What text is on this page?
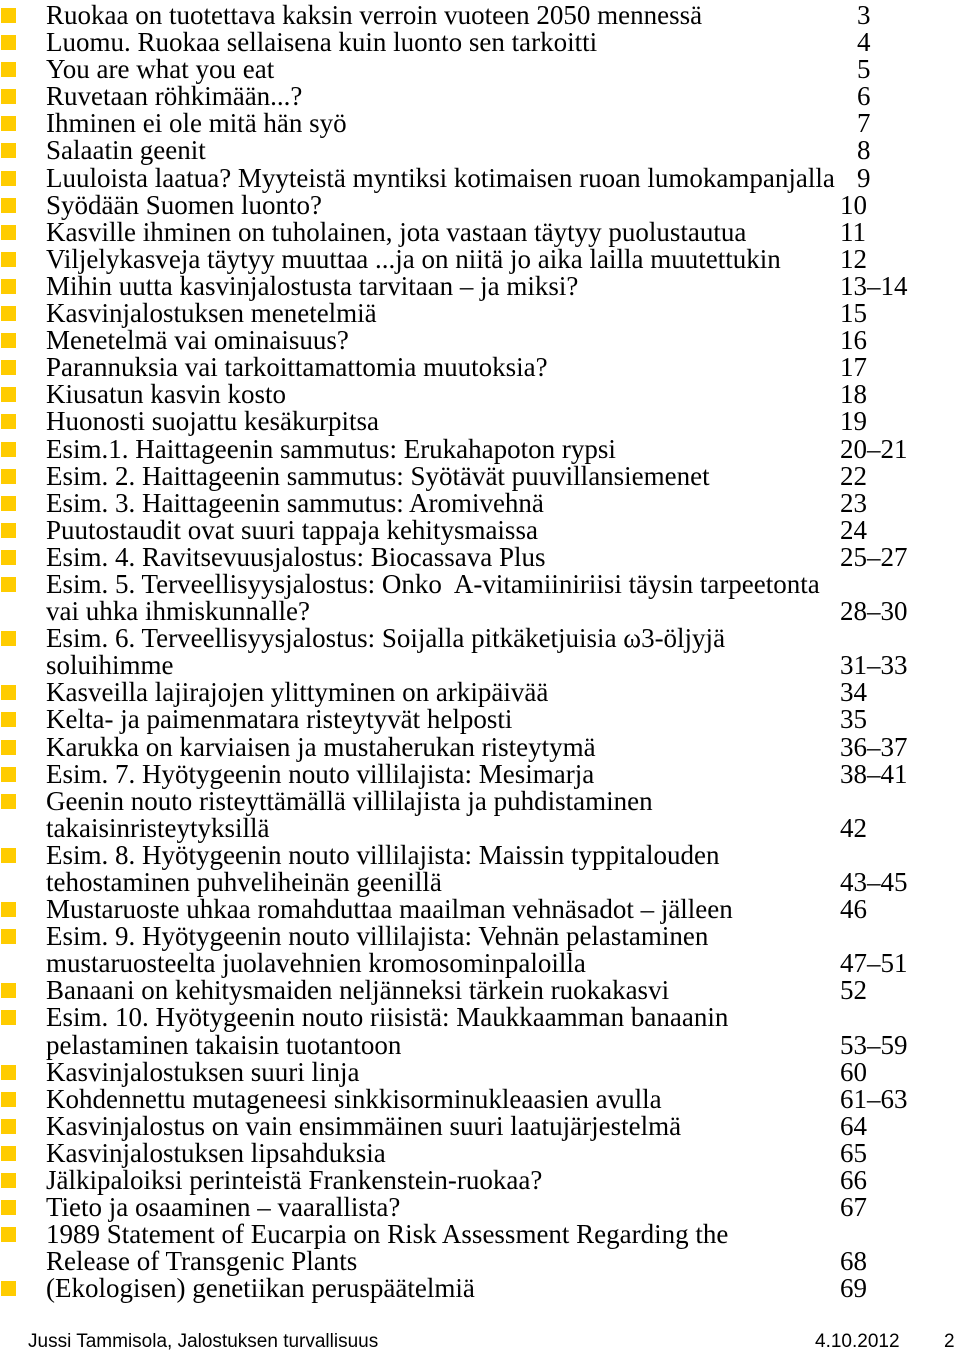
Ruokaa on tuotettava kaksin verroin vuoteen 2050 mennessä	3
Luomu. Ruokaa sellaisena kuin luonto sen tarkoitti	4
You are what you eat	5
Ruvetaan röhkimään...?	6
Ihminen ei ole mitä hän syö	7
Salaatin geenit	8
Luuloista laatua? Myyteistä myntiksi kotimaisen ruoan lumokampanjalla 9
Syödään Suomen luonto?	10
Kasville ihminen on tuholainen, jota vastaan täytyy puolustautua	11
Viljelykasveja täytyy muuttaa ...ja on niitä jo aika lailla muutettukin	12
Mihin uutta kasvinjalostusta tarvitaan – ja miksi?	13–14
Kasvinjalostuksen menetelmiä	15
Menetelmä vai ominaisuus?	16
Parannuksia vai tarkoittamattomia muutoksia?	17
Kiusatun kasvin kosto	18
Huonosti suojattu kesäkurpitsa	19
Esim.1. Haittageenin sammutus: Erukahapoton rypsi	20–21
Esim. 2. Haittageenin sammutus: Syötävät puuvillansiemenet	22
Esim. 3. Haittageenin sammutus: Aromivehnä	23
Puutostaudit ovat suuri tappaja kehitysmaissa	24
Esim. 4. Ravitsevuusjalostus: Biocassava Plus	25–27
Esim. 5. Terveellisyysjalostus: Onko  A-vitamiiniriisi täysin tarpeetonta
vai uhka ihmiskunnalle?	28–30
Esim. 6. Terveellisyysjalostus: Soijalla pitkäketjuisia ω3-öljyjä
soluihimme	31–33
Kasveilla lajirajojen ylittyminen on arkipäivää	34
Kelta- ja paimenmatara risteytyvät helposti	35
Karukka on karviaisen ja mustaherukan risteytymä	36–37
Esim. 7. Hyötygeenin nouto villilajista: Mesimarja	38–41
Geenin nouto risteyttämällä villilajista ja puhdistaminen
takaisinristeytyksillä	42
Esim. 8. Hyötygeenin nouto villilajista: Maissin typpitalouden
tehostaminen puhveliheinän geenillä	43–45
Mustaruoste uhkaa romahduttaa maailman vehnäsadot – jälleen	46
Esim. 9. Hyötygeenin nouto villilajista: Vehnän pelastaminen
mustaruosteelta juolavehnien kromosominpaloilla	47–51
Banaani on kehitysmaiden neljänneksi tärkein ruokakasvi	52
Esim. 10. Hyötygeenin nouto riisistä: Maukkaamman banaanin
pelastaminen takaisin tuotantoon	53–59
Kasvinjalostuksen suuri linja	60
Kohdennettu mutageneesi sinkkisorminukleaasien avulla	61–63
Kasvinjalostus on vain ensimmäinen suuri laatujärjestelmä	64
Kasvinjalostuksen lipsahduksia	65
Jälkipaloiksi perinteistä Frankenstein-ruokaa?	66
Tieto ja osaaminen – vaarallista?	67
1989 Statement of Eucarpia on Risk Assessment Regarding the
Release of Transgenic Plants	68
(Ekologisen) genetiikan peruspäätelmiä	69
Jussi Tammisola, Jalostuksen turvallisuus	4.10.2012 2
